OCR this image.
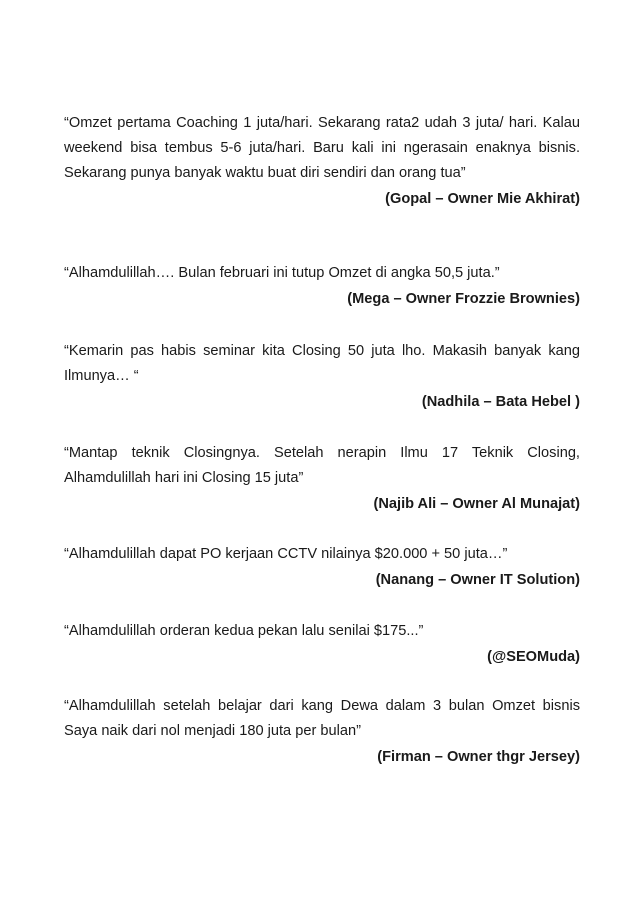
“Omzet pertama Coaching 1 juta/hari. Sekarang rata2 udah 3 juta/ hari. Kalau weekend bisa tembus 5-6 juta/hari. Baru kali ini ngerasain enaknya bisnis. Sekarang punya banyak waktu buat diri sendiri dan orang tua”

(Gopal – Owner Mie Akhirat)

“Alhamdulillah…. Bulan februari ini tutup Omzet di angka 50,5 juta.”

(Mega – Owner Frozzie Brownies)

“Kemarin pas habis seminar kita Closing 50 juta lho. Makasih banyak kang Ilmunya… “

(Nadhila – Bata Hebel )

“Mantap teknik Closingnya. Setelah nerapin Ilmu 17 Teknik Closing, Alhamdulillah hari ini Closing 15 juta”

(Najib Ali – Owner Al Munajat)

“Alhamdulillah dapat PO kerjaan CCTV nilainya $20.000 + 50 juta…”

(Nanang – Owner IT Solution)

“Alhamdulillah orderan kedua pekan lalu senilai $175...”

(@SEOMuda)

“Alhamdulillah setelah belajar dari kang Dewa dalam 3 bulan Omzet bisnis Saya naik dari nol menjadi 180 juta per bulan”

(Firman – Owner thgr Jersey)
